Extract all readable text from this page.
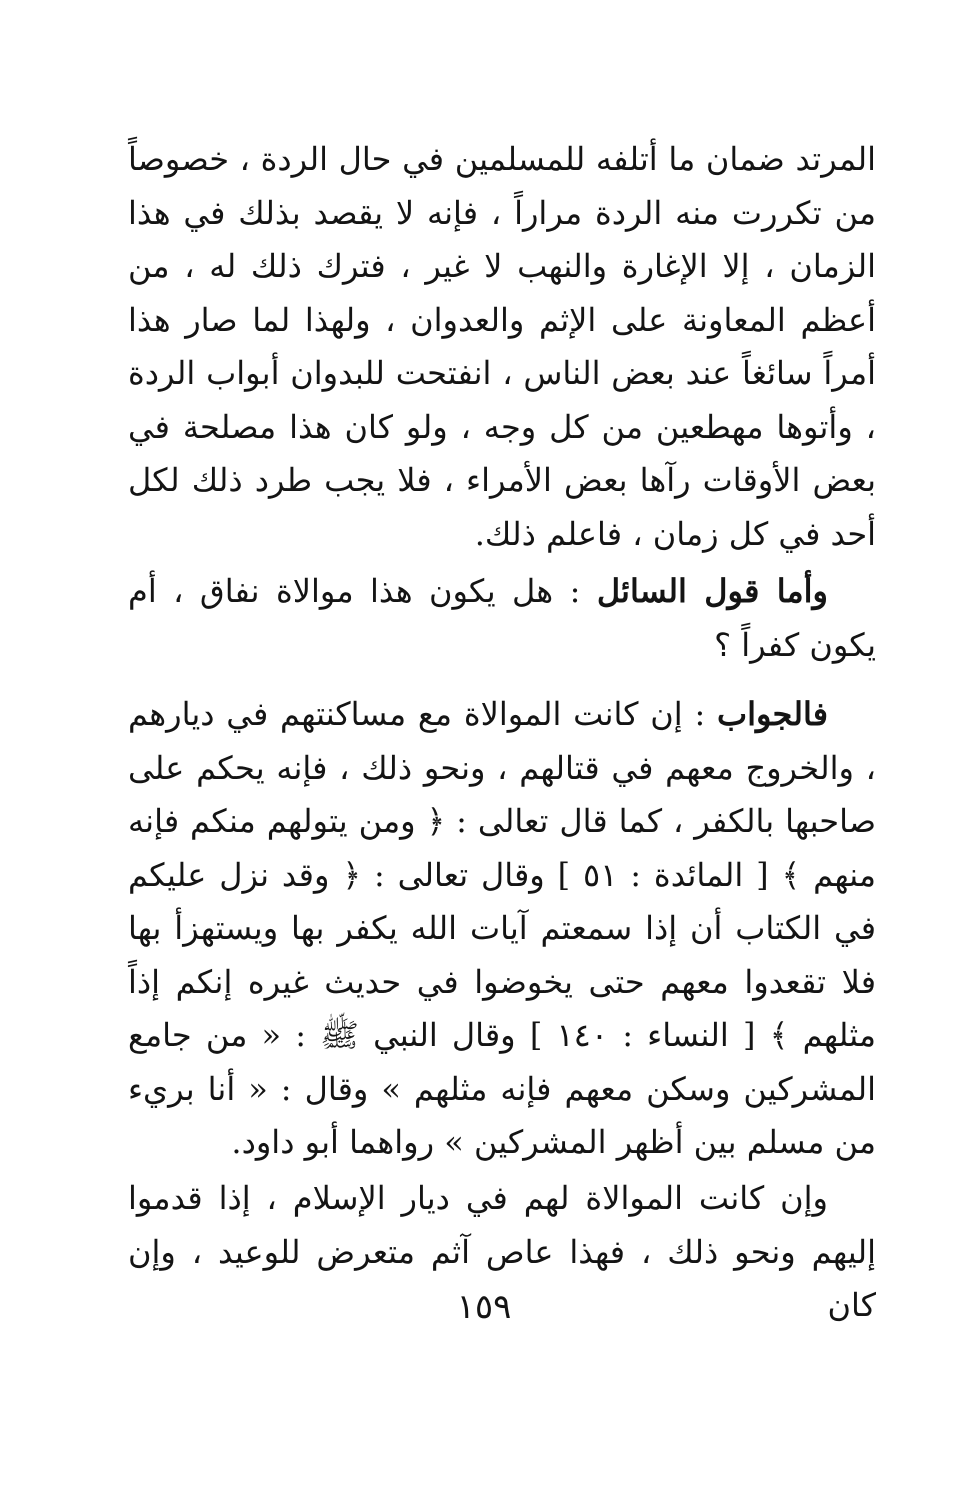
المرتد ضمان ما أتلفه للمسلمين في حال الردة ، خصوصاً من تكررت منه الردة مراراً ، فإنه لا يقصد بذلك في هذا الزمان ، إلا الإغارة والنهب لا غير ، فترك ذلك له ، من أعظم المعاونة على الإثم والعدوان ، ولهذا لما صار هذا أمراً سائغاً عند بعض الناس ، انفتحت للبدوان أبواب الردة ، وأتوها مهطعين من كل وجه ، ولو كان هذا مصلحة في بعض الأوقات رآها بعض الأمراء ، فلا يجب طرد ذلك لكل أحد في كل زمان ، فاعلم ذلك.
وأما قول السائل : هل يكون هذا موالاة نفاق ، أم يكون كفراً ؟
فالجواب : إن كانت الموالاة مع مساكنتهم في ديارهم ، والخروج معهم في قتالهم ، ونحو ذلك ، فإنه يحكم على صاحبها بالكفر ، كما قال تعالى : ﴿ ومن يتولهم منكم فإنه منهم ﴾ [ المائدة : ٥١ ] وقال تعالى : ﴿ وقد نزل عليكم في الكتاب أن إذا سمعتم آيات الله يكفر بها ويستهزأ بها فلا تقعدوا معهم حتى يخوضوا في حديث غيره إنكم إذاً مثلهم ﴾ [ النساء : ١٤٠ ] وقال النبي ﷺ : « من جامع المشركين وسكن معهم فإنه مثلهم » وقال : « أنا بريء من مسلم بين أظهر المشركين » رواهما أبو داود.
وإن كانت الموالاة لهم في ديار الإسلام ، إذا قدموا إليهم ونحو ذلك ، فهذا عاص آثم متعرض للوعيد ، وإن كان
١٥٩
